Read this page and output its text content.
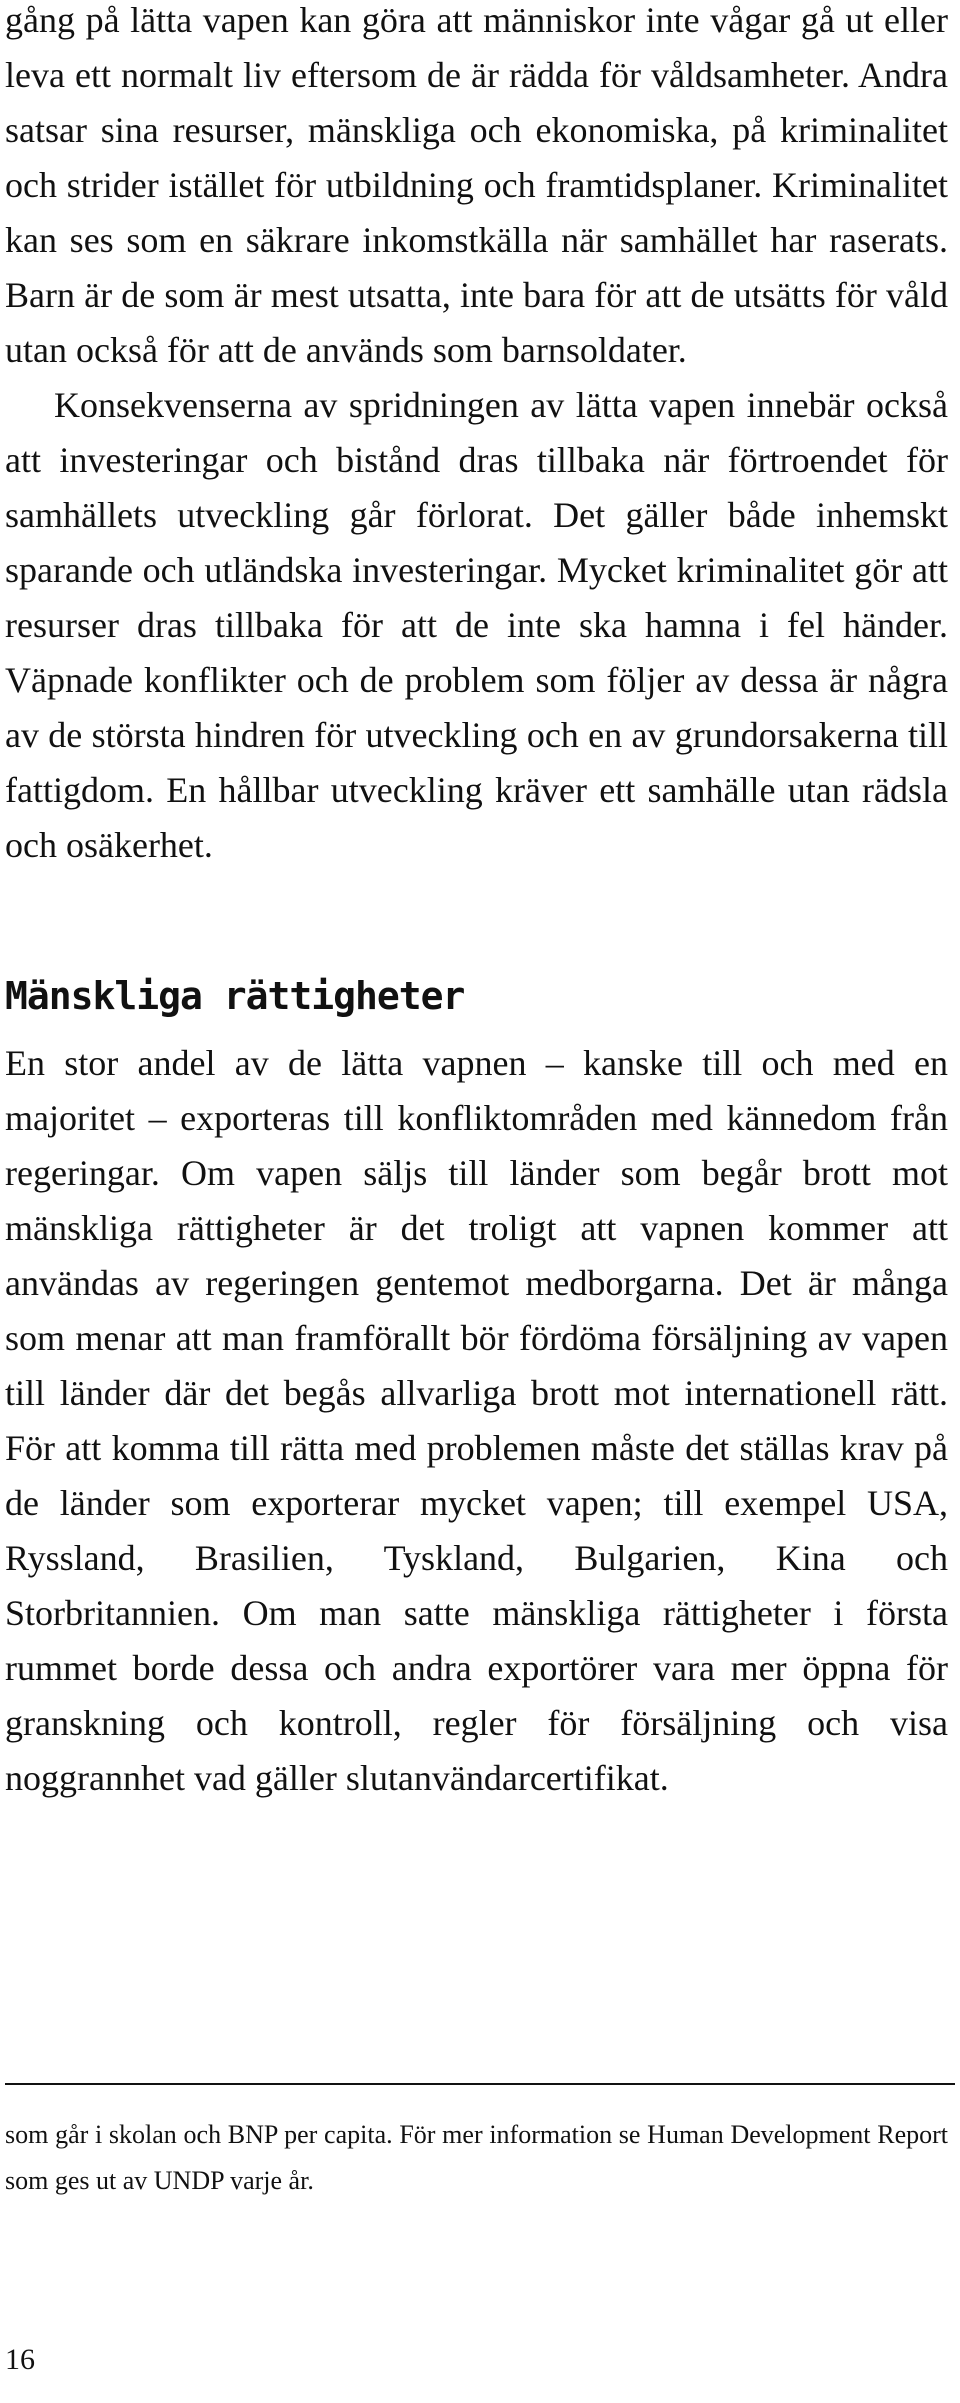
gång på lätta vapen kan göra att människor inte vågar gå ut eller leva ett normalt liv eftersom de är rädda för våldsamheter. Andra satsar sina resurser, mänskliga och ekonomiska, på kriminalitet och strider istället för utbildning och framtidsplaner. Kriminalitet kan ses som en säkrare inkomstkälla när samhället har raserats. Barn är de som är mest utsatta, inte bara för att de utsätts för våld utan också för att de används som barnsoldater.

Konsekvenserna av spridningen av lätta vapen innebär också att investeringar och bistånd dras tillbaka när förtroendet för samhällets utveckling går förlorat. Det gäller både inhemskt sparande och utländska investeringar. Mycket kriminalitet gör att resurser dras tillbaka för att de inte ska hamna i fel händer. Väpnade konflikter och de problem som följer av dessa är några av de största hindren för utveckling och en av grundorsakerna till fattigdom. En hållbar utveckling kräver ett samhälle utan rädsla och osäkerhet.

Mänskliga rättigheter

En stor andel av de lätta vapnen – kanske till och med en majoritet – exporteras till konfliktområden med kännedom från regeringar. Om vapen säljs till länder som begår brott mot mänskliga rättigheter är det troligt att vapnen kommer att användas av regeringen gentemot medborgarna. Det är många som menar att man framförallt bör fördöma försäljning av vapen till länder där det begås allvarliga brott mot internationell rätt. För att komma till rätta med problemen måste det ställas krav på de länder som exporterar mycket vapen; till exempel USA, Ryssland, Brasilien, Tyskland, Bulgarien, Kina och Storbritannien. Om man satte mänskliga rättigheter i första rummet borde dessa och andra exportörer vara mer öppna för granskning och kontroll, regler för försäljning och visa noggrannhet vad gäller slutanvändarcertifikat.

som går i skolan och BNP per capita. För mer information se Human Development Report som ges ut av UNDP varje år.

16
